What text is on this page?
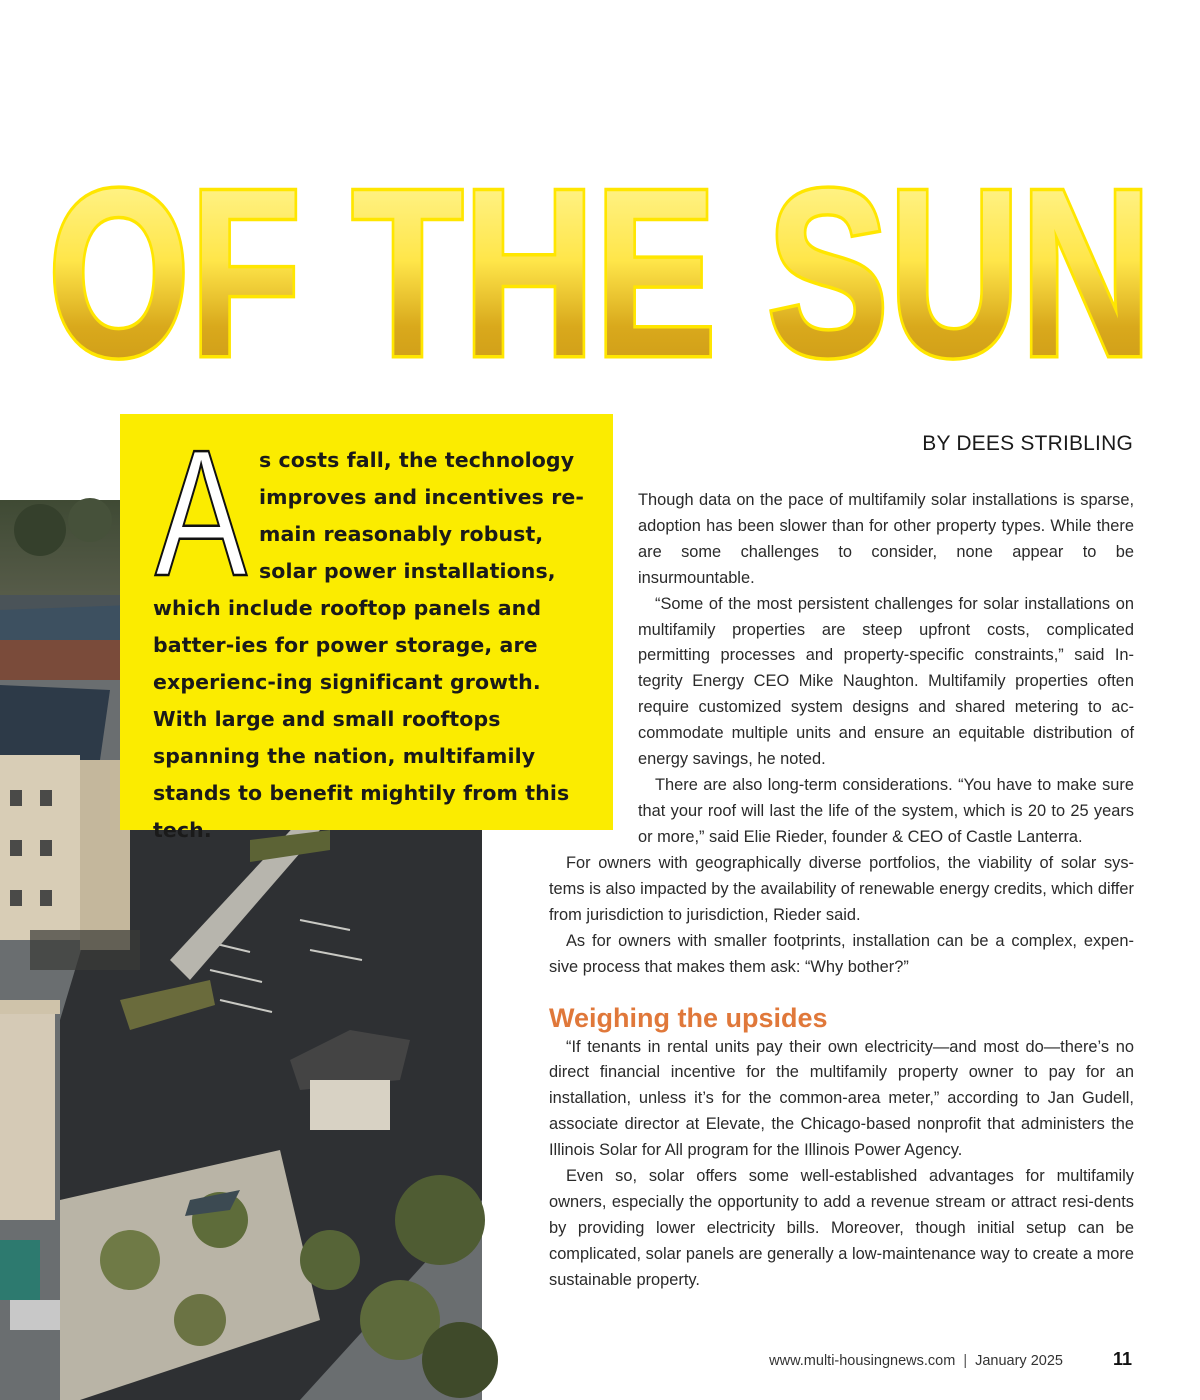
OF THE SUN
A s costs fall, the technology improves and incentives re-main reasonably robust, solar power installations, which include rooftop panels and batter-ies for power storage, are experienc-ing significant growth. With large and small rooftops spanning the nation, multifamily stands to benefit mightily from this tech.
BY DEES STRIBLING

Though data on the pace of multifamily solar installations is sparse, adoption has been slower than for other property types. While there are some challenges to consider, none appear to be insurmountable.

“Some of the most persistent challenges for solar installations on multifamily properties are steep upfront costs, complicated permitting processes and property-specific constraints,” said In-tegrity Energy CEO Mike Naughton. Multifamily properties often require customized system designs and shared metering to ac-commodate multiple units and ensure an equitable distribution of energy savings, he noted.

There are also long-term considerations. “You have to make sure that your roof will last the life of the system, which is 20 to 25 years or more,” said Elie Rieder, founder & CEO of Castle Lanterra.

For owners with geographically diverse portfolios, the viability of solar sys-tems is also impacted by the availability of renewable energy credits, which differ from jurisdiction to jurisdiction, Rieder said.

As for owners with smaller footprints, installation can be a complex, expen-sive process that makes them ask: “Why bother?”

Weighing the upsides

“If tenants in rental units pay their own electricity—and most do—there’s no direct financial incentive for the multifamily property owner to pay for an installation, unless it’s for the common-area meter,” according to Jan Gudell, associate director at Elevate, the Chicago-based nonprofit that administers the Illinois Solar for All program for the Illinois Power Agency.

Even so, solar offers some well-established advantages for multifamily owners, especially the opportunity to add a revenue stream or attract resi-dents by providing lower electricity bills. Moreover, though initial setup can be complicated, solar panels are generally a low-maintenance way to create a more sustainable property.

www.multi-housingnews.com | January 2025	11
